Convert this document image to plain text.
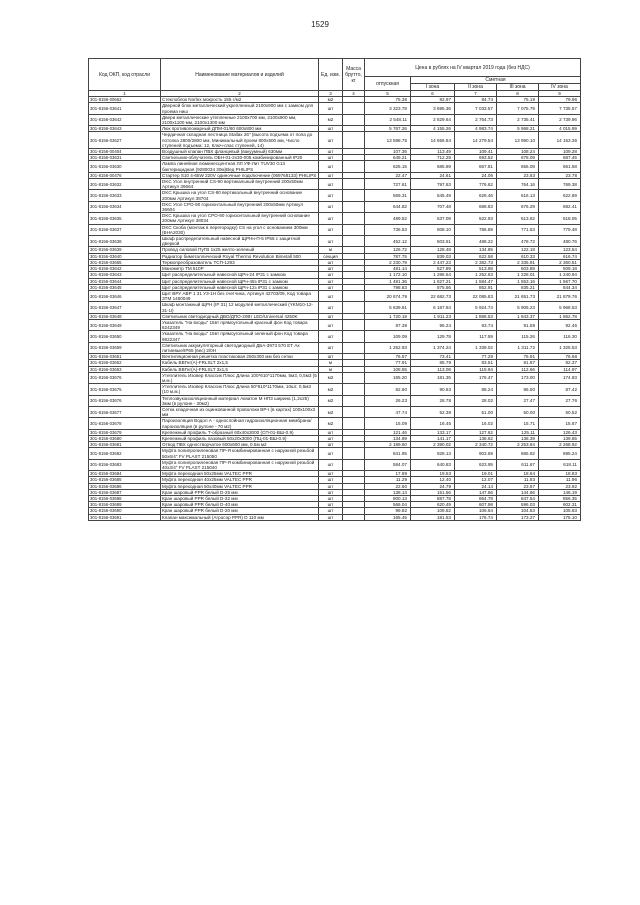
1529
Код ОКП, код отрасли	Наименование материалов и изделий	Ед. изм.	Масса брутто, кг	Цена в рублях на IV квартал 2019 года (без НДС)				
				отпускная	Сметная			
					I зона	II зона	III зона	IV зона
1	2	3	4	5	6	7	8	9
301-8156-00662	Стеклоблок Norlex мокрость 155 г/м2	м2		75.38	82.97	84.74	75.19	79.96
301-8156-03641	Дверной блок металлический укрепленный 2100х900 мм с замком для проема ниш	шт		3 323.78	3 695.36	7 033.57	7 075.79	7 735.57
301-8156-03642	Двери металлические утепленные 2100х700 мм, 2100х900 мм, 2100х1100 мм, 2100х1300 мм	м2		2 548.11	2 829.64	2 764.73	2 735.41	2 739.96
301-8156-03643	Люк противопожарный ДПМ-01/60 600х800 мм	шт		5 767.26	4 155.26	4 983.74	5 968.21	4 015.99
301-8156-03627	Чердачная складная лестница Stallax 26" (высота подъема от пола до потолка 2800/2800 мм, Минимальный проем 800х600 мм, Число ступеней подъема: 12, Ключ-спас ступеней, 14)	шт		13 598.75	14 656.84	14 279.54	13 990.10	14 153.36
301-8156-00404	Воздушный клапан ПВХ фланцевый (вакуумный) 630мм	шт		107.36	113.49	109.41	108.24	109.28
301-8156-03631	Светильник-облучатель ОБН-01-2х30-005 комбинированный IP20	шт		649.21	712.29	693.52	678.09	687.45
301-8156-03630	Лампа линейная люминесцентная ЛЛ УФ-Лит TUV30 G13 бактерицидная (9280034 30м)Вед PHILIPS	шт		625.15	685.89	667.81	656.08	661.58
301-8156-00476	Стартер S10 4-65W 220V одиночные подключение (069768133) PHILIPS	шт		22.47	24.61	24.06	23.63	23.78
301-8156-03632	DKC Угол внутренний CS-90 вертикальный внутренний 200х50мм Артикул 36664	шт		727.61	797.63	776.62	764.16	769.38
301-8156-03633	DKC Крышка на угол CS-90 вертикальный внутренний основание 200мм Артикул 38704	шт		569.31	645.49	628.46	616.13	622.69
301-8156-03634	DKC Угол CPO-90 горизонтальный внутренний 200х50мм Артикул 36604	шт		644.82	707.48	688.83	676.29	682.41
301-8156-03635	DKC Крышка на угол CPO-90 горизонтальный внутренний основание 200мм Артикул 38034	шт		489.52	537.09	522.93	513.62	518.05
301-8156-03637	DKC Скоба (монтаж в перегородку) CS на угол с основанием 300мм (BHA2030)	шт		736.53	808.10	786.89	771.53	779.48
301-8156-03638	Шкаф распределительный навесной ЩРНн-П-5 IP55 с защитной дверкой	шт		452.12	503.51	488.22	478.72	480.76
301-8156-03639	Провод силовой ПуГВ 1х25 желто-зеленый	м		126.72	128.48	134.85	122.18	123.54
301-8156-03640	Радиатор биметаллический Royal Thermo Revolution Bimetall 500	секция		787.75	839.03	622.58	610.33	616.74
301-8156-03665	Термопреобразователь ТСП-1293	шт		2 230.79	2 447.23	2 382.73	2 335.91	2 360.51
301-8156-03642	Манометр ТМ 510Р	шт		481.14	527.89	513.98	503.88	509.18
301-8156-03643	Щит распределительный навесной ЩРн-24 IP31 с замком	шт		1 172.10	1 286.54	1 252.63	1 228.01	1 240.94
301-8156-03644	Щит распределительный навесной ЩРн-48з IP31 с замком	шт		1 481.36	1 627.21	1 584.47	1 553.16	1 567.70
301-8156-03645	Щит распределительный навесной ЩРн-12з IP31 с замком	шт		798.83	875.56	852.91	835.21	844.34
301-8156-03646	Щит ВРУ АВР 1 31 У3-1Н без счетчика, Артикул 42703/09, Код товара ЗТМ 1460049	шт		20 674.79	22 682.73	22 085.83	21 651.73	21 879.76
301-8156-03647	Шкаф монтажный ЩРН (IP 31) 12 модулей металлический (YKM10-12-31-U)	шт		5 639.81	6 187.84	5 924.74	5 906.23	5 968.53
301-8156-03648	Светильник светодиодный ДВО/ДПО-20Вт LED/Universal 4250K	шт		1 720.19	1 911.23	1 888.53	1 843.37	1 862.78
301-8156-03649	Указатель "На входы" 15вт прямоугольный красный фон Код товара 6242349	шт		87.38	96.24	93.74	91.59	92.46
301-8156-03650	Указатель "На входы" 15вт прямоугольный зеленый фон Код товара 9822347	шт		109.09	129.78	117.59	115.26	116.30
301-8156-03659	Светильник аккумуляторный светодиодный ДБА-3973 570 ЕТ Ак литиевые/IP65 (вес) 2/0Н	шт		1 252.93	1 374.24	1 339.02	1 311.72	1 325.53
301-8156-03651	Вентиляционная решетка пластиковая 250х300 мм без сетки	шт		76.57	73.41	77.29	75.91	76.68
301-8156-03652	Кабель ВВГнг(А)-FRLSLT 2х1,5	м		77.91	85.79	83.51	81.87	82.37
301-8156-03653	Кабель ВВГнг(А)-FRLSLT 3х1,5	м		108.55	113.08	115.94	112.66	114.97
301-8156-03676	Утеплитель Изовер Классик Плюс Длина 100*610*1170мм, 5м3, 0,5м3 (5 м.м.)	м2		165.20	181.35	176.47	173.00	174.83
301-8156-03675	Утеплитель Изовер Классик Плюс Длина 50*610*1170мм, 10шт, 0,5м3 (10 м.м.)	м2		82.60	90.63	88.24	86.50	87.42
301-8156-03676	Теплозвукоизоляционный материал Акватон М НП3 ширина (1,2х25) 3мм (в рулоне - 30м2)	м2		26.23	28.78	28.02	27.47	27.76
301-8156-03677	Сетка кладочная из оцинкованной проволоки ВР-I (в картах) 100х100х3 мм	м2		47.74	52.38	51.00	50.00	50.52
301-8156-03678	Пароизоляция Водол А - однослойная гидроизоляционная мембрана/пароизоляция (в рулоне - 70 м2)	м2		15.09	16.45	16.02	15.71	15.87
301-8156-03679	Крепежный профиль Т-образный 60х40х3000 (СП-01-ВШ-0.9)	шт		121.46	133.17	127.62	125.11	126.43
301-8156-03680	Крепежный профиль пазовый 50х20х3000 (ПЦ-01-ВШ-0.9)	шт		134.99	141.17	138.62	138.39	139.85
301-8156-03681	Отвод ПВХ одностворчатое 600х600 мм, 0.5м м2	шт		2 189.60	2 390.02	2 340.72	2 253.84	2 268.92
301-8156-03682	Муфта полипропиленовая ПР-Я комбинированная с наружной резьбой 50х6/4" FV PLAST 215050	шт		841.95	928.13	903.69	885.92	895.24
301-8156-03683	Муфта полипропиленовая ПР-Я комбинированная с наружной резьбой 40х3/4" FV PLAST 215040	шт		584.07	640.83	623.95	611.67	618.11
301-8156-03684	Муфта переходная 50х25мм VALTEC PPR	шт		17.89	19.53	19.01	18.64	18.83
301-8156-03685	Муфта переходная 40х25мм VALTEC PPR	шт		11.29	12.40	12.07	11.83	11.96
301-8156-03686	Муфта переходная 50х40мм VALTEC PPR	шт		22.60	24.79	24.14	23.67	23.92
301-8156-03687	Кран шаровый PPR белый D-25 мм	шт		138.14	151.56	147.56	144.66	146.19
301-8156-03688	Кран шаровый PPR белый D-32 мм	шт		800.13	887.78	864.78	847.54	856.35
301-8156-03689	Кран шаровый PPR белый D-40 мм	шт		566.04	620.49	607.98	596.03	602.31
301-8156-03690	Кран шаровый PPR белый D-20 мм	шт		99.82	109.52	106.64	104.53	105.63
301-8156-03691	Клапан максимальный (Агросор PPR) D 110 мм	шт		165.45	181.53	176.74	173.27	175.10
